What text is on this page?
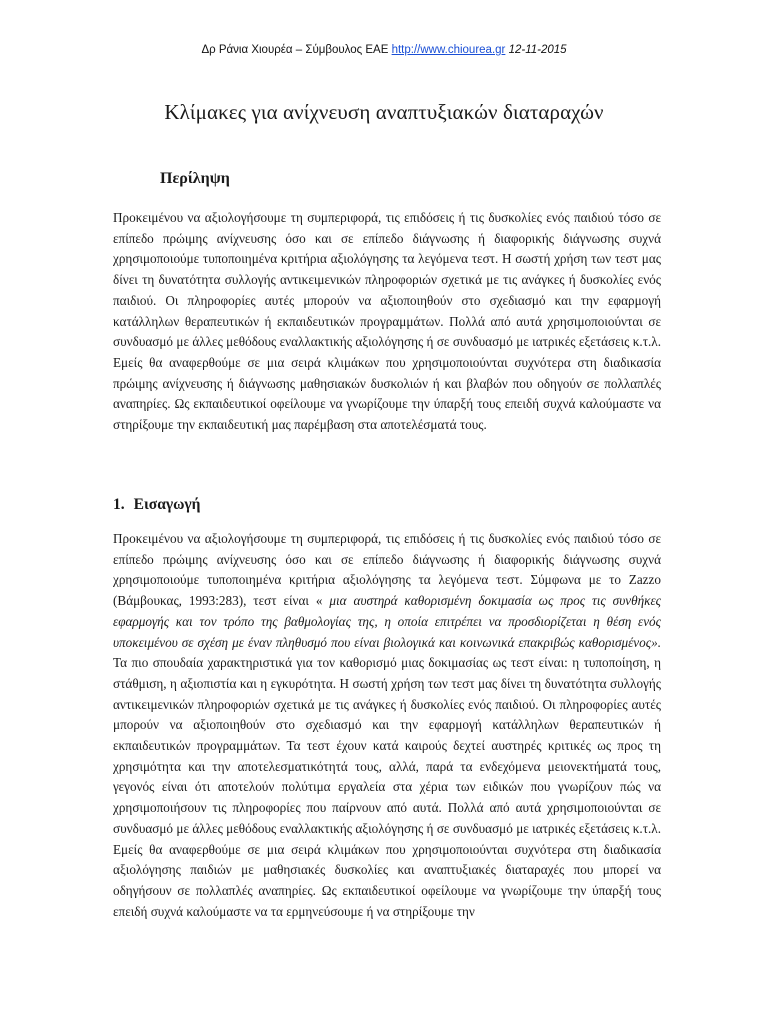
Δρ Ράνια Χιουρέα – Σύμβουλος ΕΑΕ http://www.chiourea.gr 12-11-2015
Κλίμακες για ανίχνευση αναπτυξιακών διαταραχών
Περίληψη

Προκειμένου να αξιολογήσουμε τη συμπεριφορά, τις επιδόσεις ή τις δυσκολίες ενός παιδιού τόσο σε επίπεδο πρώιμης ανίχνευσης όσο και σε επίπεδο διάγνωσης ή διαφορικής διάγνωσης συχνά χρησιμοποιούμε τυποποιημένα κριτήρια αξιολόγησης τα λεγόμενα τεστ. Η σωστή χρήση των τεστ μας δίνει τη δυνατότητα συλλογής αντικειμενικών πληροφοριών σχετικά με τις ανάγκες ή δυσκολίες ενός παιδιού. Οι πληροφορίες αυτές μπορούν να αξιοποιηθούν στο σχεδιασμό και την εφαρμογή κατάλληλων θεραπευτικών ή εκπαιδευτικών προγραμμάτων. Πολλά από αυτά χρησιμοποιούνται σε συνδυασμό με άλλες μεθόδους εναλλακτικής αξιολόγησης ή σε συνδυασμό με ιατρικές εξετάσεις κ.τ.λ. Εμείς θα αναφερθούμε σε μια σειρά κλιμάκων που χρησιμοποιούνται συχνότερα στη διαδικασία πρώιμης ανίχνευσης ή διάγνωσης μαθησιακών δυσκολιών ή και βλαβών που οδηγούν σε πολλαπλές αναπηρίες. Ως εκπαιδευτικοί οφείλουμε να γνωρίζουμε την ύπαρξή τους επειδή συχνά καλούμαστε να στηρίξουμε την εκπαιδευτική μας παρέμβαση στα αποτελέσματά τους.

1. Εισαγωγή

Προκειμένου να αξιολογήσουμε τη συμπεριφορά, τις επιδόσεις ή τις δυσκολίες ενός παιδιού τόσο σε επίπεδο πρώιμης ανίχνευσης όσο και σε επίπεδο διάγνωσης ή διαφορικής διάγνωσης συχνά χρησιμοποιούμε τυποποιημένα κριτήρια αξιολόγησης τα λεγόμενα τεστ. Σύμφωνα με το Zazzo (Βάμβουκας, 1993:283), τεστ είναι « μια αυστηρά καθορισμένη δοκιμασία ως προς τις συνθήκες εφαρμογής και τον τρόπο της βαθμολογίας της, η οποία επιτρέπει να προσδιορίζεται η θέση ενός υποκειμένου σε σχέση με έναν πληθυσμό που είναι βιολογικά και κοινωνικά επακριβώς καθορισμένος». Τα πιο σπουδαία χαρακτηριστικά για τον καθορισμό μιας δοκιμασίας ως τεστ είναι: η τυποποίηση, η στάθμιση, η αξιοπιστία και η εγκυρότητα. Η σωστή χρήση των τεστ μας δίνει τη δυνατότητα συλλογής αντικειμενικών πληροφοριών σχετικά με τις ανάγκες ή δυσκολίες ενός παιδιού. Οι πληροφορίες αυτές μπορούν να αξιοποιηθούν στο σχεδιασμό και την εφαρμογή κατάλληλων θεραπευτικών ή εκπαιδευτικών προγραμμάτων. Τα τεστ έχουν κατά καιρούς δεχτεί αυστηρές κριτικές ως προς τη χρησιμότητα και την αποτελεσματικότητά τους, αλλά, παρά τα ενδεχόμενα μειονεκτήματά τους, γεγονός είναι ότι αποτελούν πολύτιμα εργαλεία στα χέρια των ειδικών που γνωρίζουν πώς να χρησιμοποιήσουν τις πληροφορίες που παίρνουν από αυτά. Πολλά από αυτά χρησιμοποιούνται σε συνδυασμό με άλλες μεθόδους εναλλακτικής αξιολόγησης ή σε συνδυασμό με ιατρικές εξετάσεις κ.τ.λ. Εμείς θα αναφερθούμε σε μια σειρά κλιμάκων που χρησιμοποιούνται συχνότερα στη διαδικασία αξιολόγησης παιδιών με μαθησιακές δυσκολίες και αναπτυξιακές διαταραχές που μπορεί να οδηγήσουν σε πολλαπλές αναπηρίες. Ως εκπαιδευτικοί οφείλουμε να γνωρίζουμε την ύπαρξή τους επειδή συχνά καλούμαστε να τα ερμηνεύσουμε ή να στηρίξουμε την
